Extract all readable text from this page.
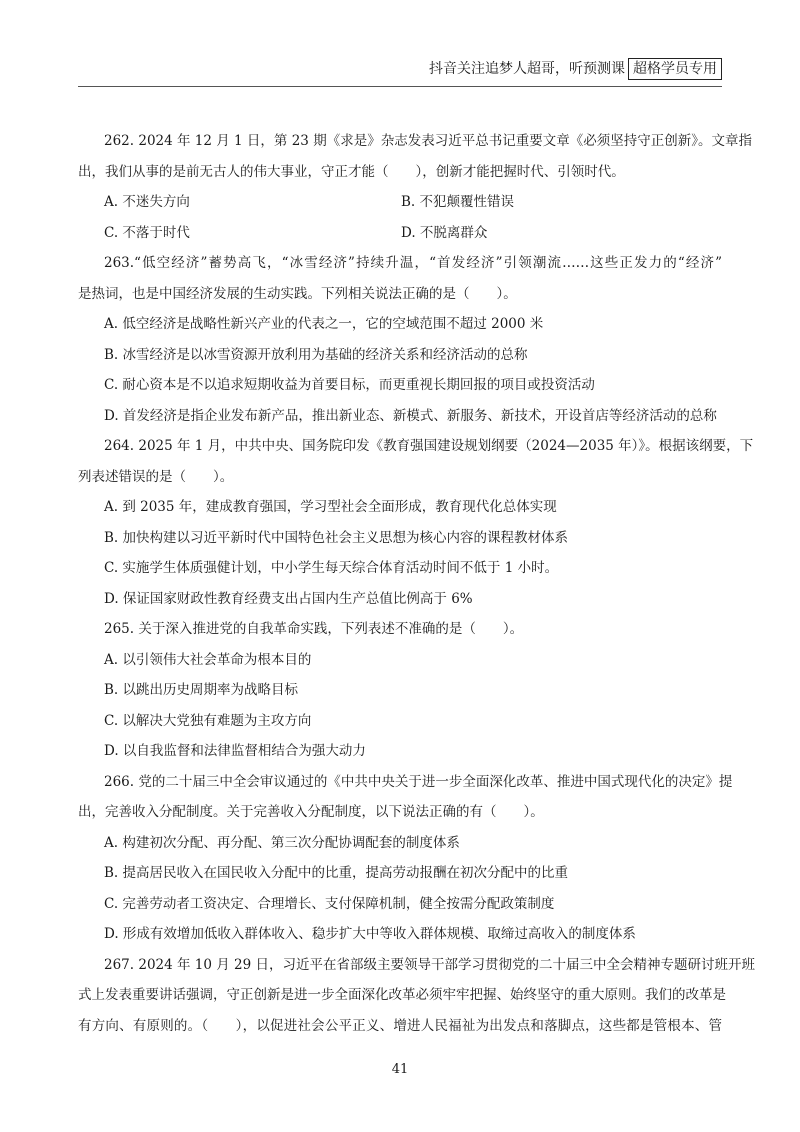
抖音关注追梦人超哥，听预测课 超格学员专用
262. 2024 年 12 月 1 日，第 23 期《求是》杂志发表习近平总书记重要文章《必须坚持守正创新》。文章指
出，我们从事的是前无古人的伟大事业，守正才能（　　），创新才能把握时代、引领时代。
A. 不迷失方向	B. 不犯颠覆性错误
C. 不落于时代	D. 不脱离群众
263.“低空经济”蓄势高飞，“冰雪经济”持续升温，“首发经济”引领潮流……这些正发力的“经济”
是热词，也是中国经济发展的生动实践。下列相关说法正确的是（　　）。
A. 低空经济是战略性新兴产业的代表之一，它的空域范围不超过 2000 米
B. 冰雪经济是以冰雪资源开放利用为基础的经济关系和经济活动的总称
C. 耐心资本是不以追求短期收益为首要目标，而更重视长期回报的项目或投资活动
D. 首发经济是指企业发布新产品，推出新业态、新模式、新服务、新技术，开设首店等经济活动的总称
264. 2025 年 1 月，中共中央、国务院印发《教育强国建设规划纲要（2024—2035 年）》。根据该纲要，下
列表述错误的是（　　）。
A. 到 2035 年，建成教育强国，学习型社会全面形成，教育现代化总体实现
B. 加快构建以习近平新时代中国特色社会主义思想为核心内容的课程教材体系
C. 实施学生体质强健计划，中小学生每天综合体育活动时间不低于 1 小时。
D. 保证国家财政性教育经费支出占国内生产总值比例高于 6%
265. 关于深入推进党的自我革命实践，下列表述不准确的是（　　）。
A. 以引领伟大社会革命为根本目的
B. 以跳出历史周期率为战略目标
C. 以解决大党独有难题为主攻方向
D. 以自我监督和法律监督相结合为强大动力
266. 党的二十届三中全会审议通过的《中共中央关于进一步全面深化改革、推进中国式现代化的决定》提
出，完善收入分配制度。关于完善收入分配制度，以下说法正确的有（　　）。
A. 构建初次分配、再分配、第三次分配协调配套的制度体系
B. 提高居民收入在国民收入分配中的比重，提高劳动报酬在初次分配中的比重
C. 完善劳动者工资决定、合理增长、支付保障机制，健全按需分配政策制度
D. 形成有效增加低收入群体收入、稳步扩大中等收入群体规模、取缔过高收入的制度体系
267. 2024 年 10 月 29 日，习近平在省部级主要领导干部学习贯彻党的二十届三中全会精神专题研讨班开班
式上发表重要讲话强调，守正创新是进一步全面深化改革必须牢牢把握、始终坚守的重大原则。我们的改革是
有方向、有原则的。（　　），以促进社会公平正义、增进人民福祉为出发点和落脚点，这些都是管根本、管
41
